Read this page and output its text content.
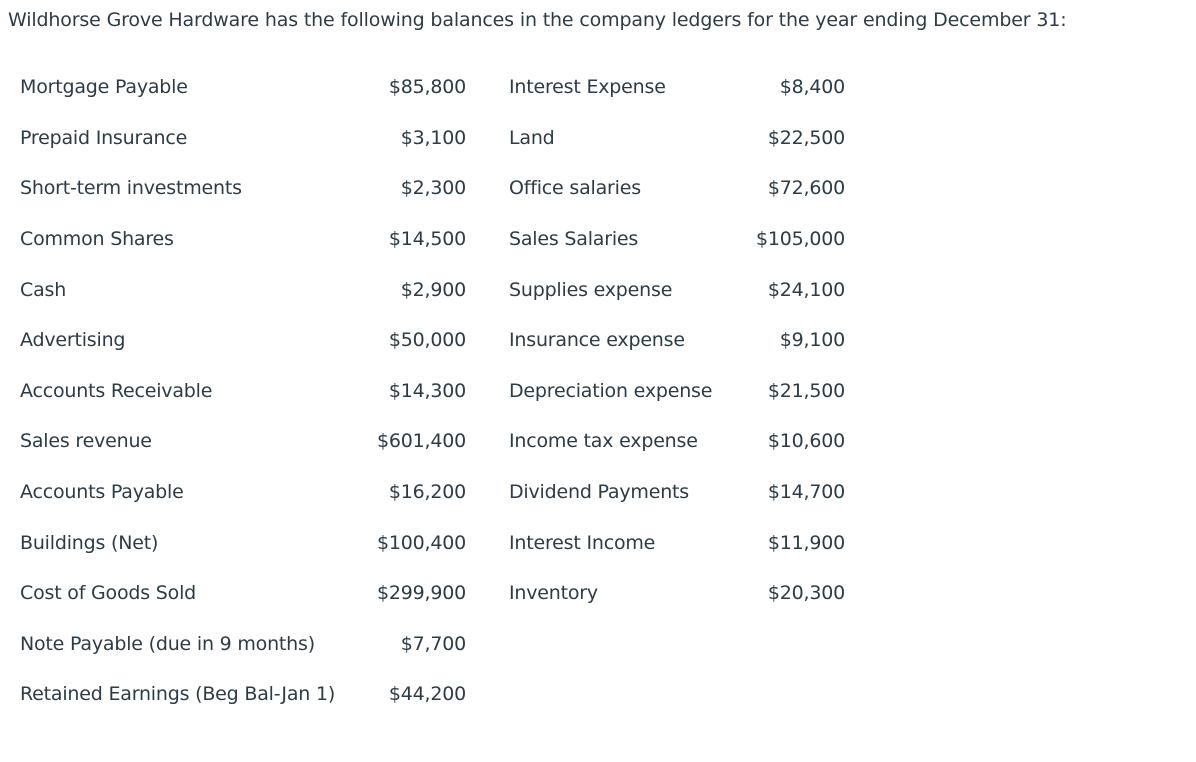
Wildhorse Grove Hardware has the following balances in the company ledgers for the year ending December 31:

Mortgage Payable	$85,800		Interest Expense	$8,400
Prepaid Insurance	$3,100		Land	$22,500
Short-term investments	$2,300		Office salaries	$72,600
Common Shares	$14,500		Sales Salaries	$105,000
Cash	$2,900		Supplies expense	$24,100
Advertising	$50,000		Insurance expense	$9,100
Accounts Receivable	$14,300		Depreciation expense	$21,500
Sales revenue	$601,400		Income tax expense	$10,600
Accounts Payable	$16,200		Dividend Payments	$14,700
Buildings (Net)	$100,400		Interest Income	$11,900
Cost of Goods Sold	$299,900		Inventory	$20,300
Note Payable (due in 9 months)	$7,700			
Retained Earnings (Beg Bal-Jan 1)	$44,200			
